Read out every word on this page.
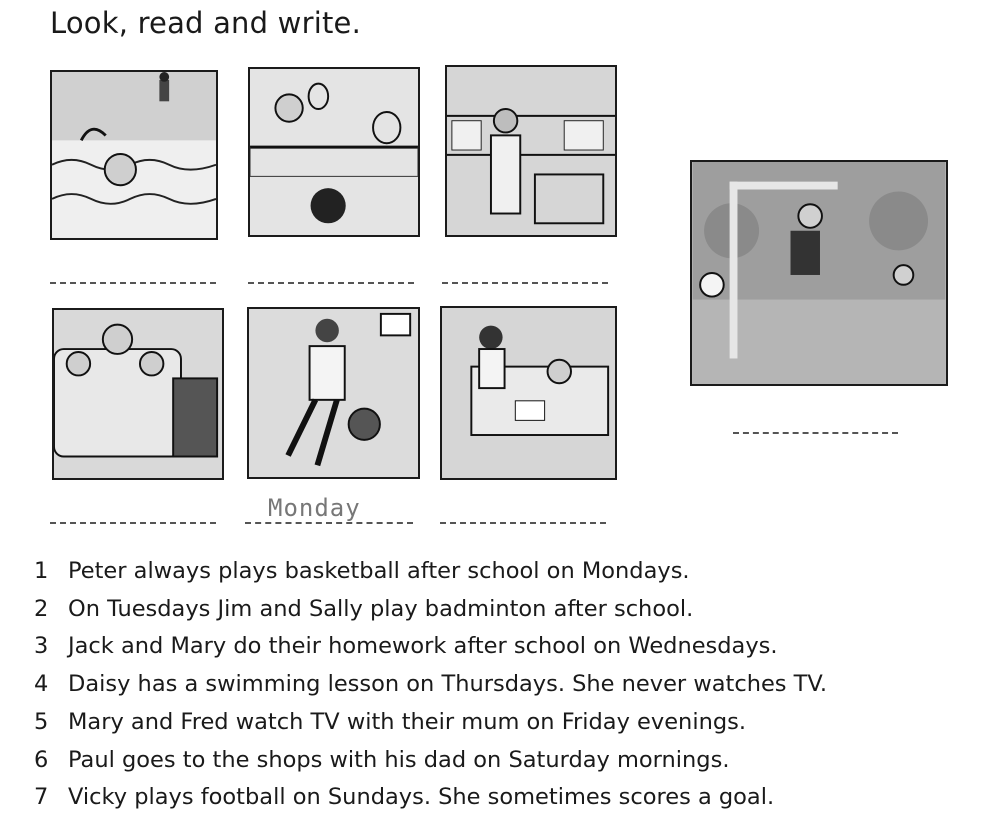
Look, read and write.
Monday
1 Peter always plays basketball after school on Mondays.
2 On Tuesdays Jim and Sally play badminton after school.
3 Jack and Mary do their homework after school on Wednesdays.
4 Daisy has a swimming lesson on Thursdays. She never watches TV.
5 Mary and Fred watch TV with their mum on Friday evenings.
6 Paul goes to the shops with his dad on Saturday mornings.
7 Vicky plays football on Sundays. She sometimes scores a goal.
